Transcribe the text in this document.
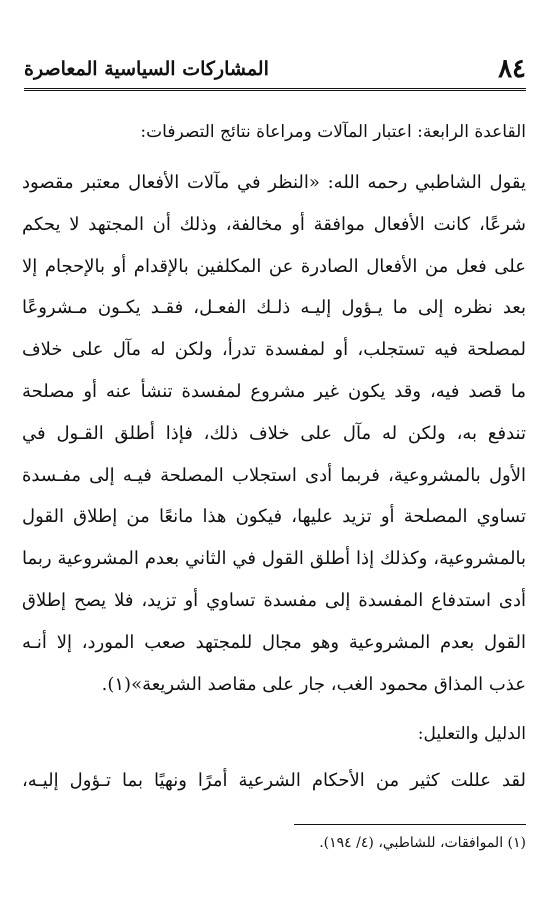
٨٤
المشاركات السياسية المعاصرة
القاعدة الرابعة: اعتبار المآلات ومراعاة نتائج التصرفات:
يقول الشاطبي رحمه الله: «النظر في مآلات الأفعال معتبر مقصود
شرعًا، كانت الأفعال موافقة أو مخالفة، وذلك أن المجتهد لا يحكم
على فعل من الأفعال الصادرة عن المكلفين بالإقدام أو بالإحجام إلا
بعد نظره إلى ما يـؤول إليـه ذلـك الفعـل، فقـد يكـون مـشروعًا
لمصلحة فيه تستجلب، أو لمفسدة تدرأ، ولكن له مآل على خلاف
ما قصد فيه، وقد يكون غير مشروع لمفسدة تنشأ عنه أو مصلحة
تندفع به، ولكن له مآل على خلاف ذلك، فإذا أطلق القـول في
الأول بالمشروعية، فربما أدى استجلاب المصلحة فيـه إلى مفـسدة
تساوي المصلحة أو تزيد عليها، فيكون هذا مانعًا من إطلاق القول
بالمشروعية، وكذلك إذا أطلق القول في الثاني بعدم المشروعية ربما
أدى استدفاع المفسدة إلى مفسدة تساوي أو تزيد، فلا يصح إطلاق
القول بعدم المشروعية وهو مجال للمجتهد صعب المورد، إلا أنـه
عذب المذاق محمود الغب، جار على مقاصد الشريعة»(١).
الدليل والتعليل:
لقد عللت كثير من الأحكام الشرعية أمرًا ونهيًا بما تـؤول إليـه،
(١) الموافقات، للشاطبي، (٤/ ١٩٤).
